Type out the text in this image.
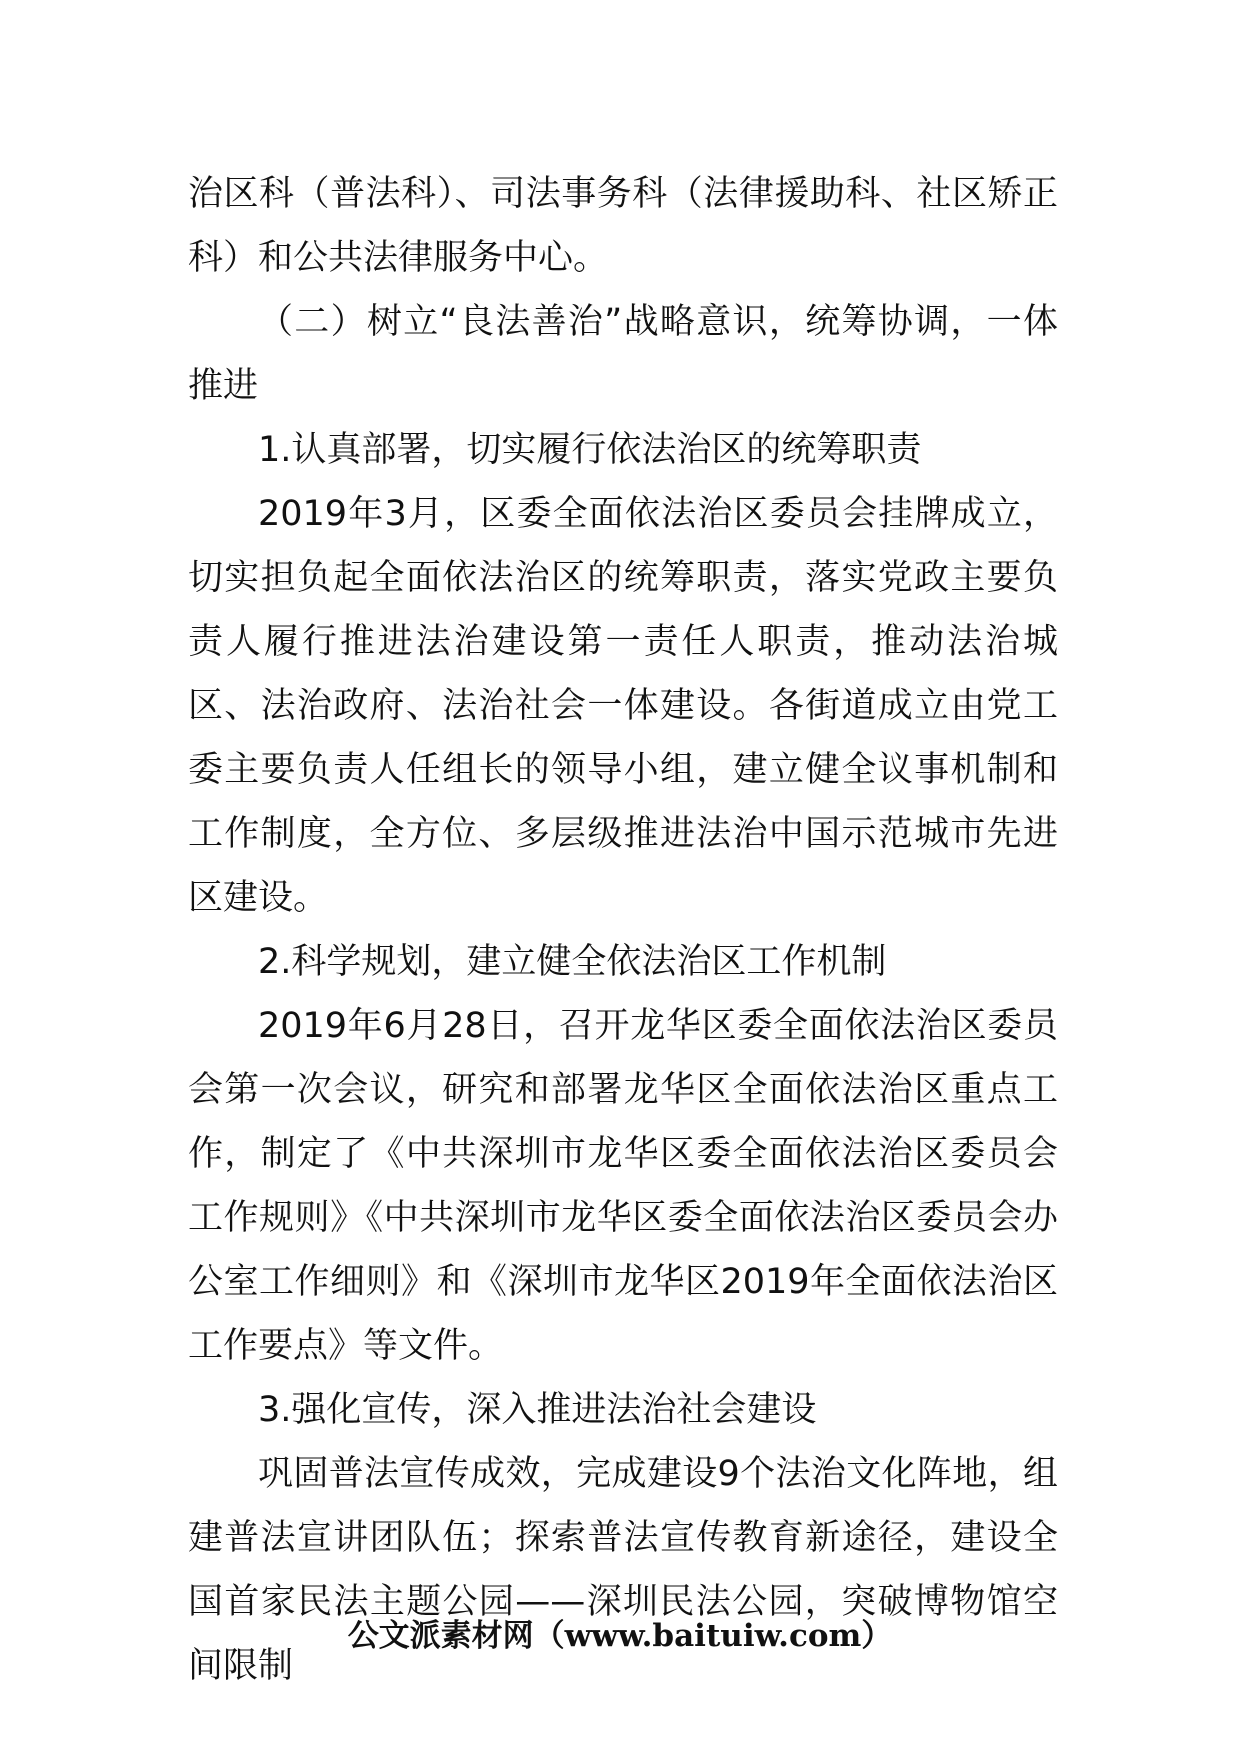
治区科（普法科）、司法事务科（法律援助科、社区矫正科）和公共法律服务中心。

（二）树立“良法善治”战略意识，统筹协调，一体推进

1.认真部署，切实履行依法治区的统筹职责

2019年3月，区委全面依法治区委员会挂牌成立，切实担负起全面依法治区的统筹职责，落实党政主要负责人履行推进法治建设第一责任人职责，推动法治城区、法治政府、法治社会一体建设。各街道成立由党工委主要负责人任组长的领导小组，建立健全议事机制和工作制度，全方位、多层级推进法治中国示范城市先进区建设。

2.科学规划，建立健全依法治区工作机制

2019年6月28日，召开龙华区委全面依法治区委员会第一次会议，研究和部署龙华区全面依法治区重点工作，制定了《中共深圳市龙华区委全面依法治区委员会工作规则》《中共深圳市龙华区委全面依法治区委员会办公室工作细则》和《深圳市龙华区2019年全面依法治区工作要点》等文件。

3.强化宣传，深入推进法治社会建设

巩固普法宣传成效，完成建设9个法治文化阵地，组建普法宣讲团队伍；探索普法宣传教育新途径，建设全国首家民法主题公园——深圳民法公园，突破博物馆空间限制

公文派素材网（www.baituiw.com）
